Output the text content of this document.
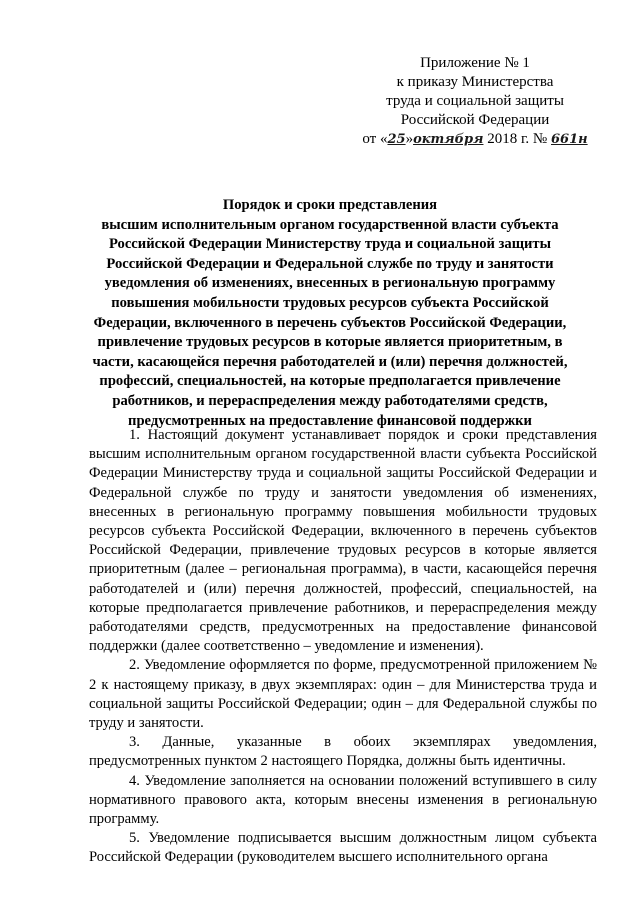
Приложение № 1
к приказу Министерства
труда и социальной защиты
Российской Федерации
от «25»октября 2018 г. № 661н
Порядок и сроки представления
высшим исполнительным органом государственной власти субъекта
Российской Федерации Министерству труда и социальной защиты
Российской Федерации и Федеральной службе по труду и занятости
уведомления об изменениях, внесенных в региональную программу
повышения мобильности трудовых ресурсов субъекта Российской
Федерации, включенного в перечень субъектов Российской Федерации,
привлечение трудовых ресурсов в которые является приоритетным, в
части, касающейся перечня работодателей и (или) перечня должностей,
профессий, специальностей, на которые предполагается привлечение
работников, и перераспределения между работодателями средств,
предусмотренных на предоставление финансовой поддержки

1. Настоящий документ устанавливает порядок и сроки представления высшим исполнительным органом государственной власти субъекта Российской Федерации Министерству труда и социальной защиты Российской Федерации и Федеральной службе по труду и занятости уведомления об изменениях, внесенных в региональную программу повышения мобильности трудовых ресурсов субъекта Российской Федерации, включенного в перечень субъектов Российской Федерации, привлечение трудовых ресурсов в которые является приоритетным (далее – региональная программа), в части, касающейся перечня работодателей и (или) перечня должностей, профессий, специальностей, на которые предполагается привлечение работников, и перераспределения между работодателями средств, предусмотренных на предоставление финансовой поддержки (далее соответственно – уведомление и изменения).

2. Уведомление оформляется по форме, предусмотренной приложением № 2 к настоящему приказу, в двух экземплярах: один – для Министерства труда и социальной защиты Российской Федерации; один – для Федеральной службы по труду и занятости.

3. Данные, указанные в обоих экземплярах уведомления, предусмотренных пунктом 2 настоящего Порядка, должны быть идентичны.

4. Уведомление заполняется на основании положений вступившего в силу нормативного правового акта, которым внесены изменения в региональную программу.

5. Уведомление подписывается высшим должностным лицом субъекта Российской Федерации (руководителем высшего исполнительного органа
